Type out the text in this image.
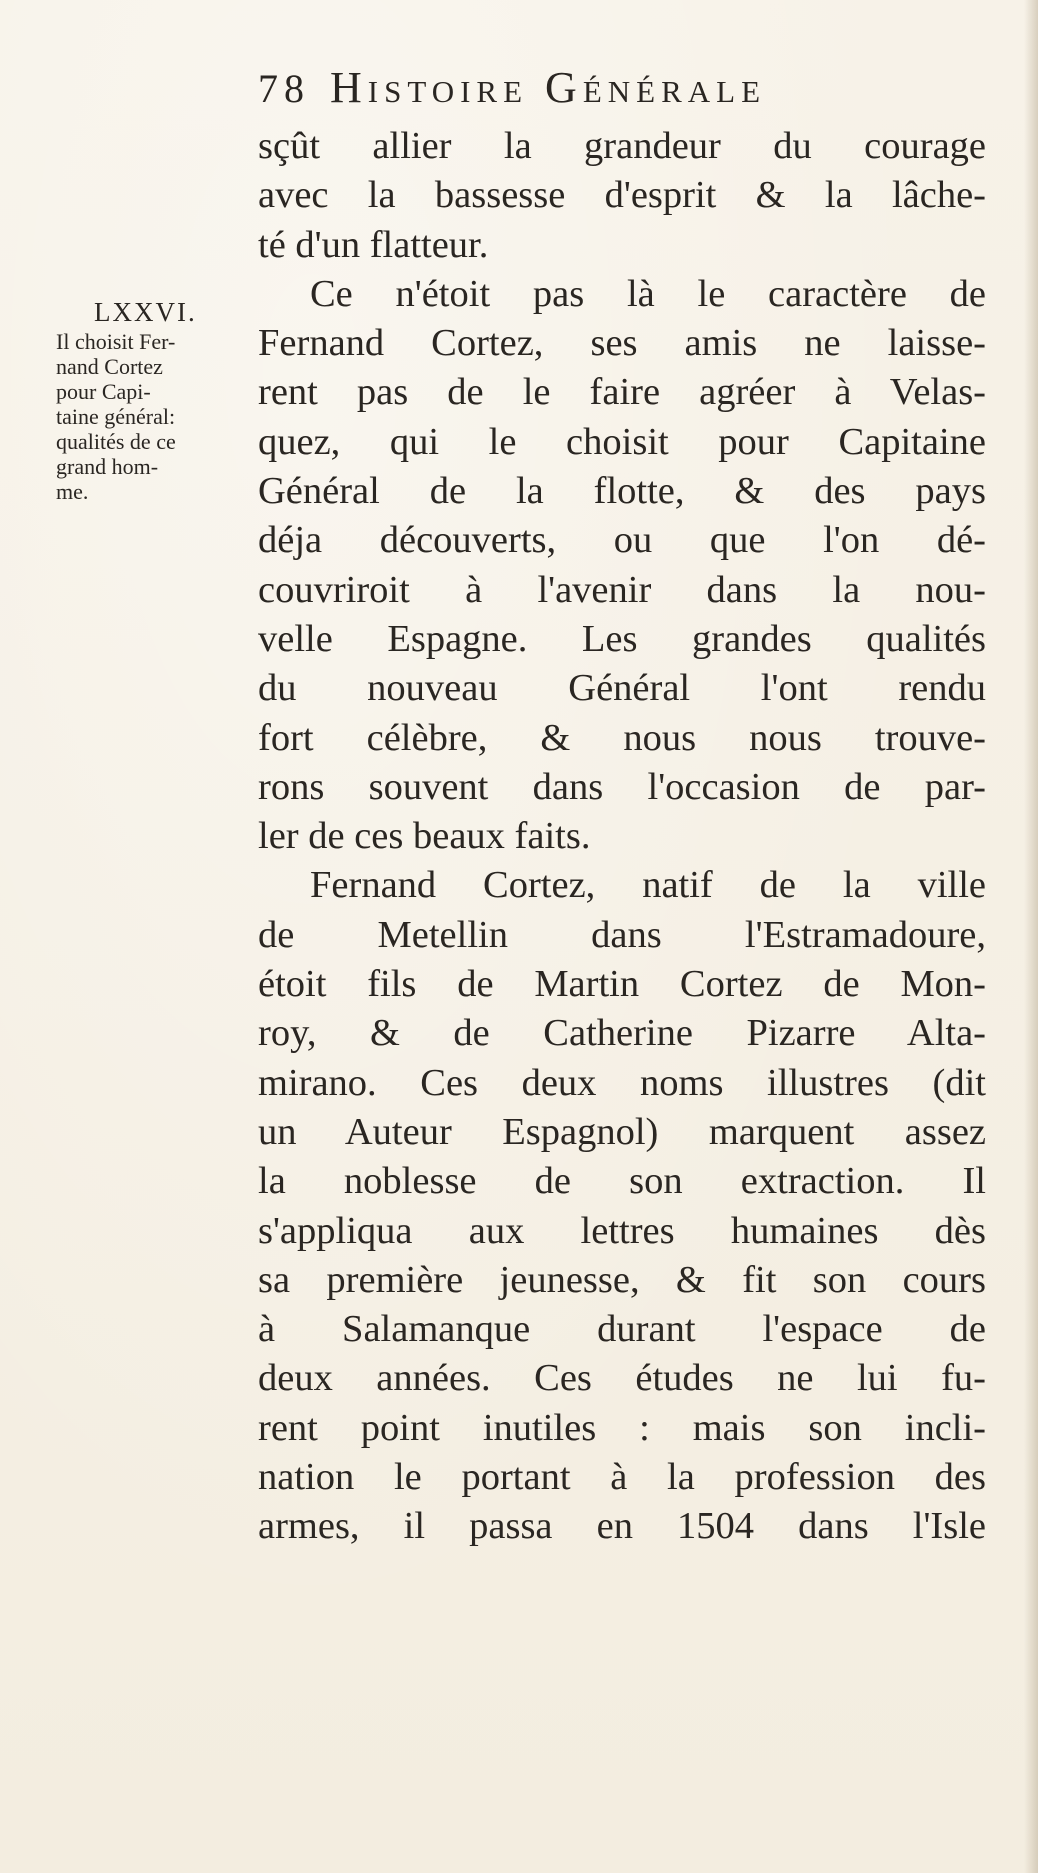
78 Histoire Générale
LXXVI.
Il choisit Fer-
nand Cortez
pour Capi-
taine général:
qualités de ce
grand hom-
me.
sçût allier la grandeur du courage
avec la bassesse d'esprit & la lâche-
té d'un flatteur.
Ce n'étoit pas là le caractère de
Fernand Cortez, ses amis ne laisse-
rent pas de le faire agréer à Velas-
quez, qui le choisit pour Capitaine
Général de la flotte, & des pays
déja découverts, ou que l'on dé-
couvriroit à l'avenir dans la nou-
velle Espagne. Les grandes qualités
du nouveau Général l'ont rendu
fort célèbre, & nous nous trouve-
rons souvent dans l'occasion de par-
ler de ces beaux faits.
Fernand Cortez, natif de la ville
de Metellin dans l'Estramadoure,
étoit fils de Martin Cortez de Mon-
roy, & de Catherine Pizarre Alta-
mirano. Ces deux noms illustres (dit
un Auteur Espagnol) marquent assez
la noblesse de son extraction. Il
s'appliqua aux lettres humaines dès
sa première jeunesse, & fit son cours
à Salamanque durant l'espace de
deux années. Ces études ne lui fu-
rent point inutiles : mais son incli-
nation le portant à la profession des
armes, il passa en 1504 dans l'Isle
